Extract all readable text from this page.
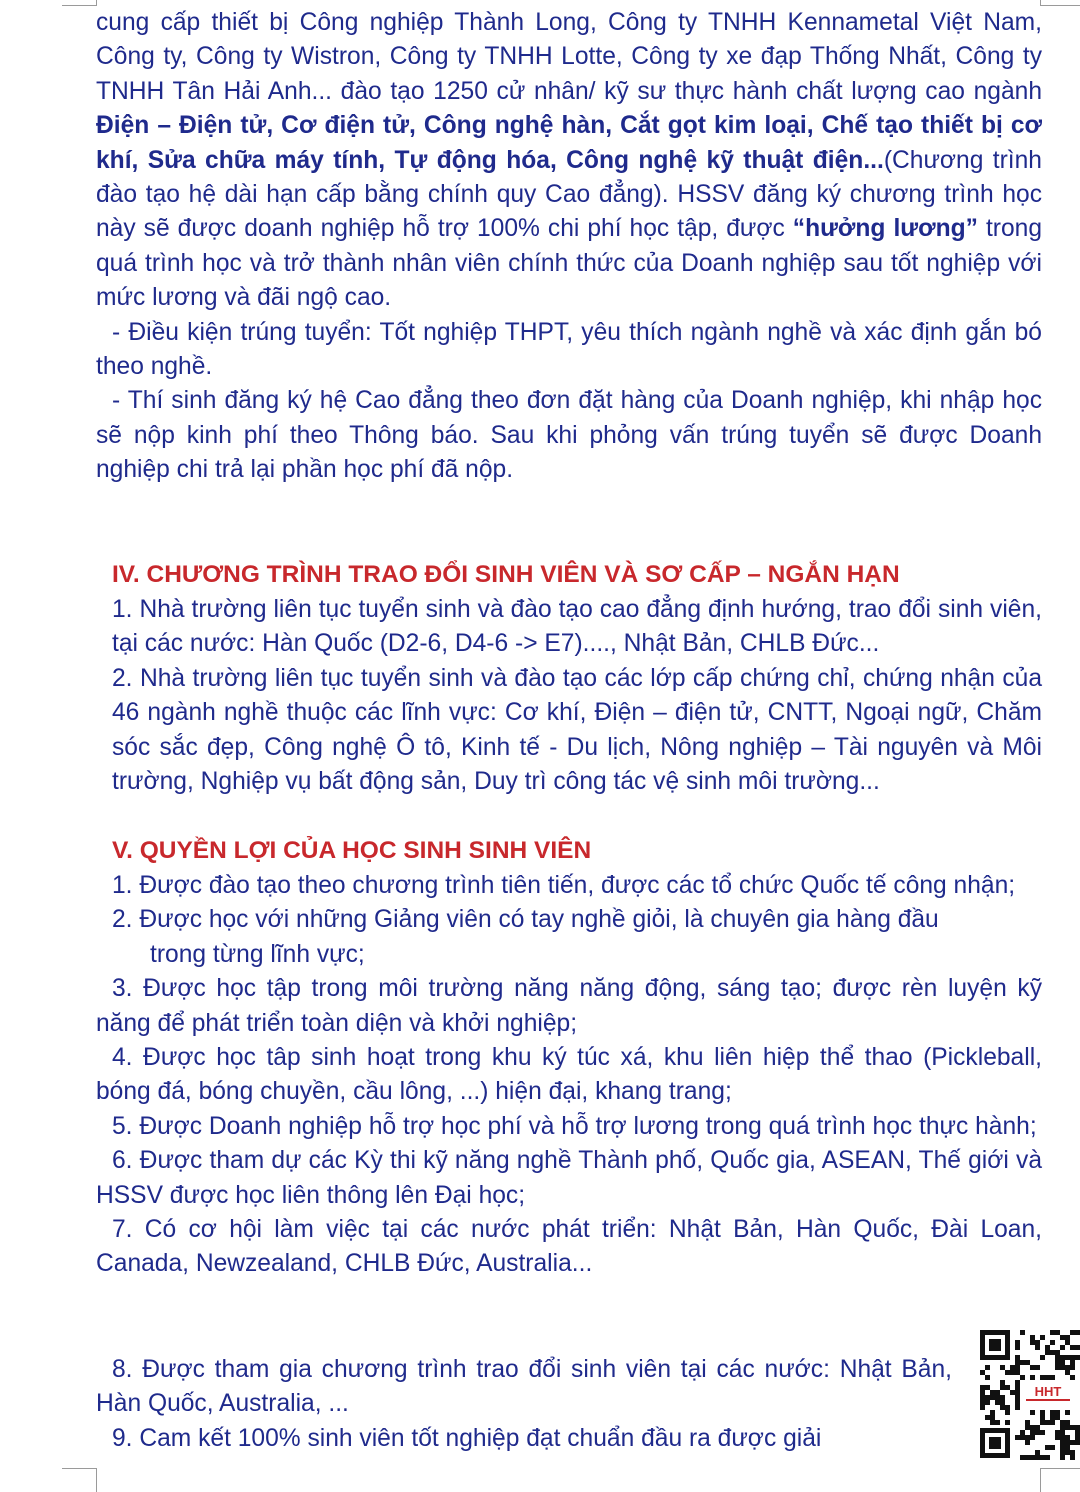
cung cấp thiết bị Công nghiệp Thành Long, Công ty TNHH Kennametal Việt Nam, Công ty, Công ty Wistron, Công ty TNHH Lotte, Công ty xe đạp Thống Nhất, Công ty TNHH Tân Hải Anh... đào tạo 1250 cử nhân/ kỹ sư thực hành chất lượng cao ngành Điện – Điện tử, Cơ điện tử, Công nghệ hàn, Cắt gọt kim loại, Chế tạo thiết bị cơ khí, Sửa chữa máy tính, Tự động hóa, Công nghệ kỹ thuật điện...(Chương trình đào tạo hệ dài hạn cấp bằng chính quy Cao đẳng). HSSV đăng ký chương trình học này sẽ được doanh nghiệp hỗ trợ 100% chi phí học tập, được “hưởng lương” trong quá trình học và trở thành nhân viên chính thức của Doanh nghiệp sau tốt nghiệp với mức lương và đãi ngộ cao.

- Điều kiện trúng tuyển: Tốt nghiệp THPT, yêu thích ngành nghề và xác định gắn bó theo nghề.

- Thí sinh đăng ký hệ Cao đẳng theo đơn đặt hàng của Doanh nghiệp, khi nhập học sẽ nộp kinh phí theo Thông báo. Sau khi phỏng vấn trúng tuyển sẽ được Doanh nghiệp chi trả lại phần học phí đã nộp.

IV. CHƯƠNG TRÌNH TRAO ĐỔI SINH VIÊN VÀ SƠ CẤP – NGẮN HẠN

1. Nhà trường liên tục tuyển sinh và đào tạo cao đẳng định hướng, trao đổi sinh viên, tại các nước: Hàn Quốc (D2-6, D4-6 -> E7)...., Nhật Bản, CHLB Đức...

2. Nhà trường liên tục tuyển sinh và đào tạo các lớp cấp chứng chỉ, chứng nhận của 46 ngành nghề thuộc các lĩnh vực: Cơ khí, Điện – điện tử, CNTT, Ngoại ngữ, Chăm sóc sắc đẹp, Công nghệ Ô tô, Kinh tế - Du lịch, Nông nghiệp – Tài nguyên và Môi trường, Nghiệp vụ bất động sản, Duy trì công tác vệ sinh môi trường...

V. QUYỀN LỢI CỦA HỌC SINH SINH VIÊN

1. Được đào tạo theo chương trình tiên tiến, được các tổ chức Quốc tế công nhận;

2. Được học với những Giảng viên có tay nghề giỏi, là chuyên gia hàng đầu

trong từng lĩnh vực;

3. Được học tập trong môi trường năng năng động, sáng tạo; được rèn luyện kỹ năng để phát triển toàn diện và khởi nghiệp;

4. Được học tâp sinh hoạt trong khu ký túc xá, khu liên hiệp thể thao (Pickleball, bóng đá, bóng chuyền, cầu lông, ...) hiện đại, khang trang;

5. Được Doanh nghiệp hỗ trợ học phí và hỗ trợ lương trong quá trình học thực hành;

6. Được tham dự các Kỳ thi kỹ năng nghề Thành phố, Quốc gia, ASEAN, Thế giới và HSSV được học liên thông lên Đại học;

7. Có cơ hội làm việc tại các nước phát triển: Nhật Bản, Hàn Quốc, Đài Loan, Canada, Newzealand, CHLB Đức, Australia...

8. Được tham gia chương trình trao đổi sinh viên tại các nước: Nhật Bản, Hàn Quốc, Australia, ...

9. Cam kết 100% sinh viên tốt nghiệp đạt chuẩn đầu ra được giải

HHT
